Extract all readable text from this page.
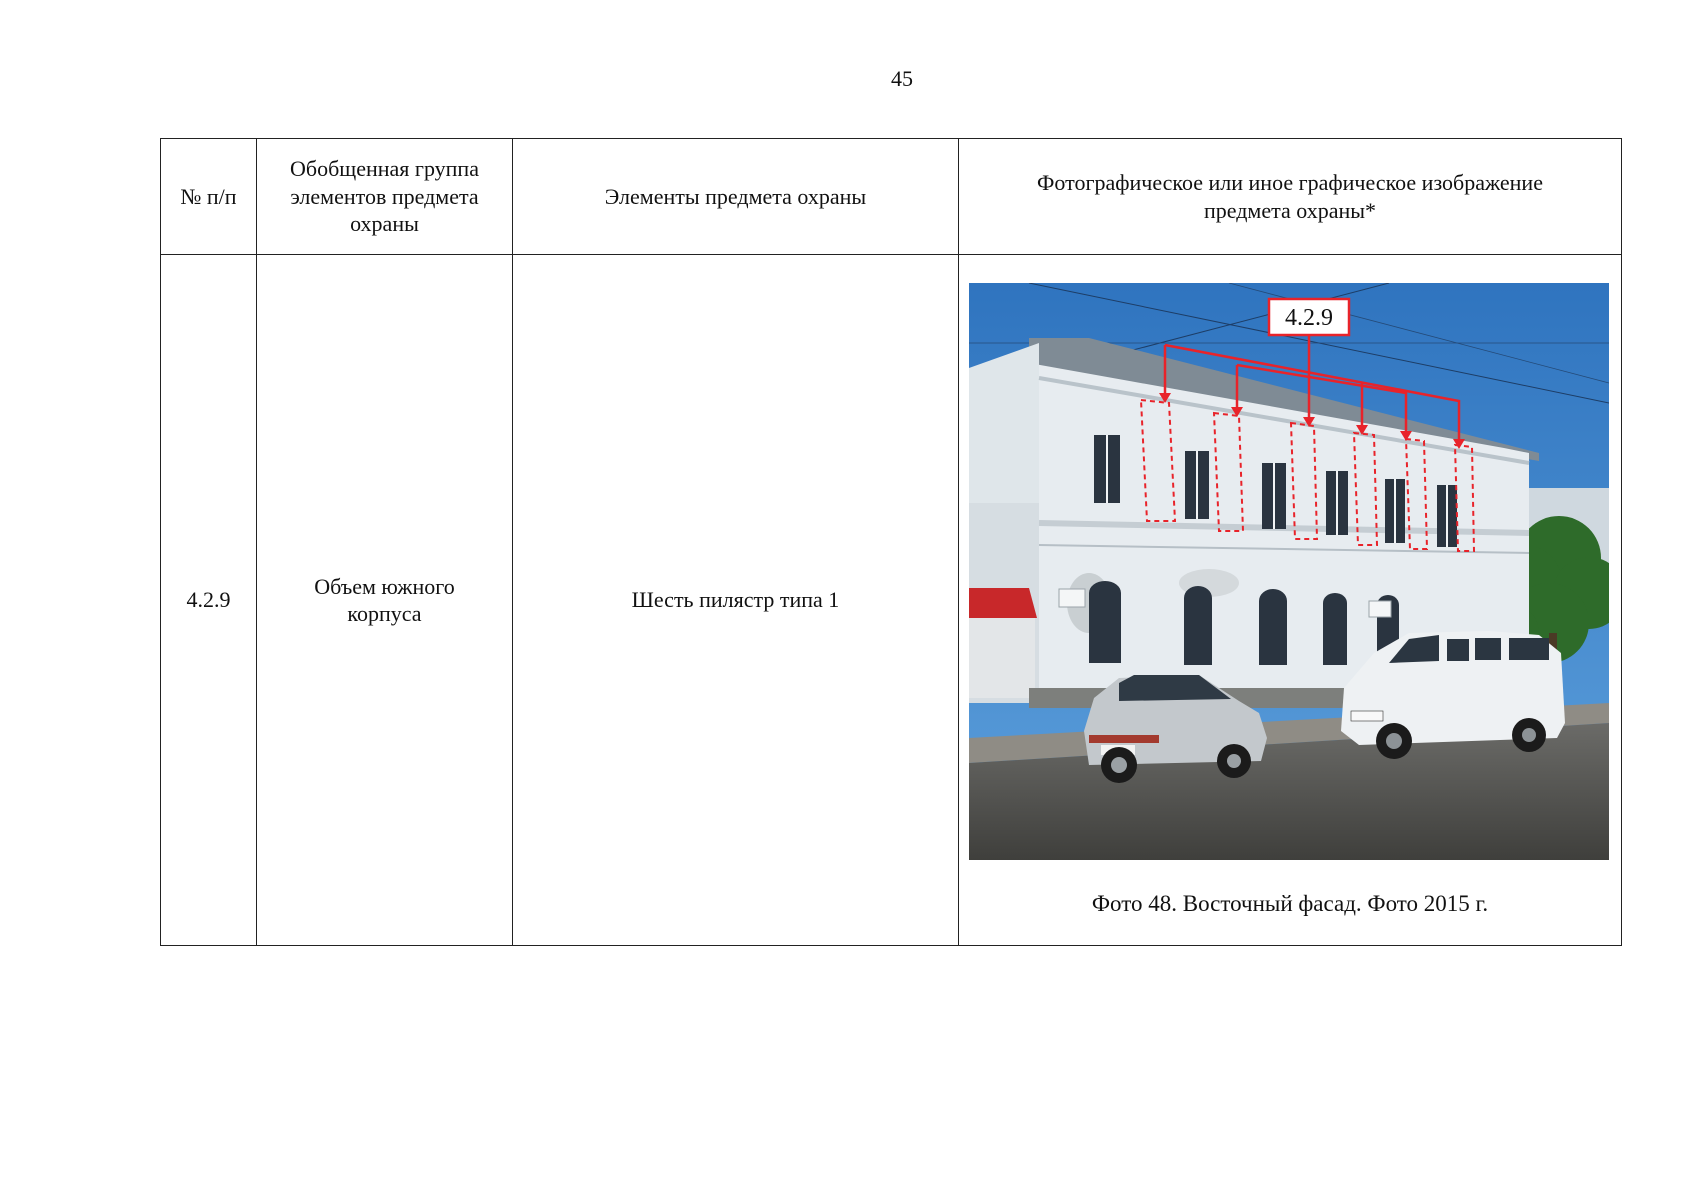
45
№ п/п	Обобщенная группа элементов предмета охраны	Элементы предмета охраны	Фотографическое или иное графическое изображение предмета охраны*
4.2.9	Объем южного корпуса	Шесть пилястр типа 1	4.2.9
Фото 48. Восточный фасад. Фото 2015 г.
